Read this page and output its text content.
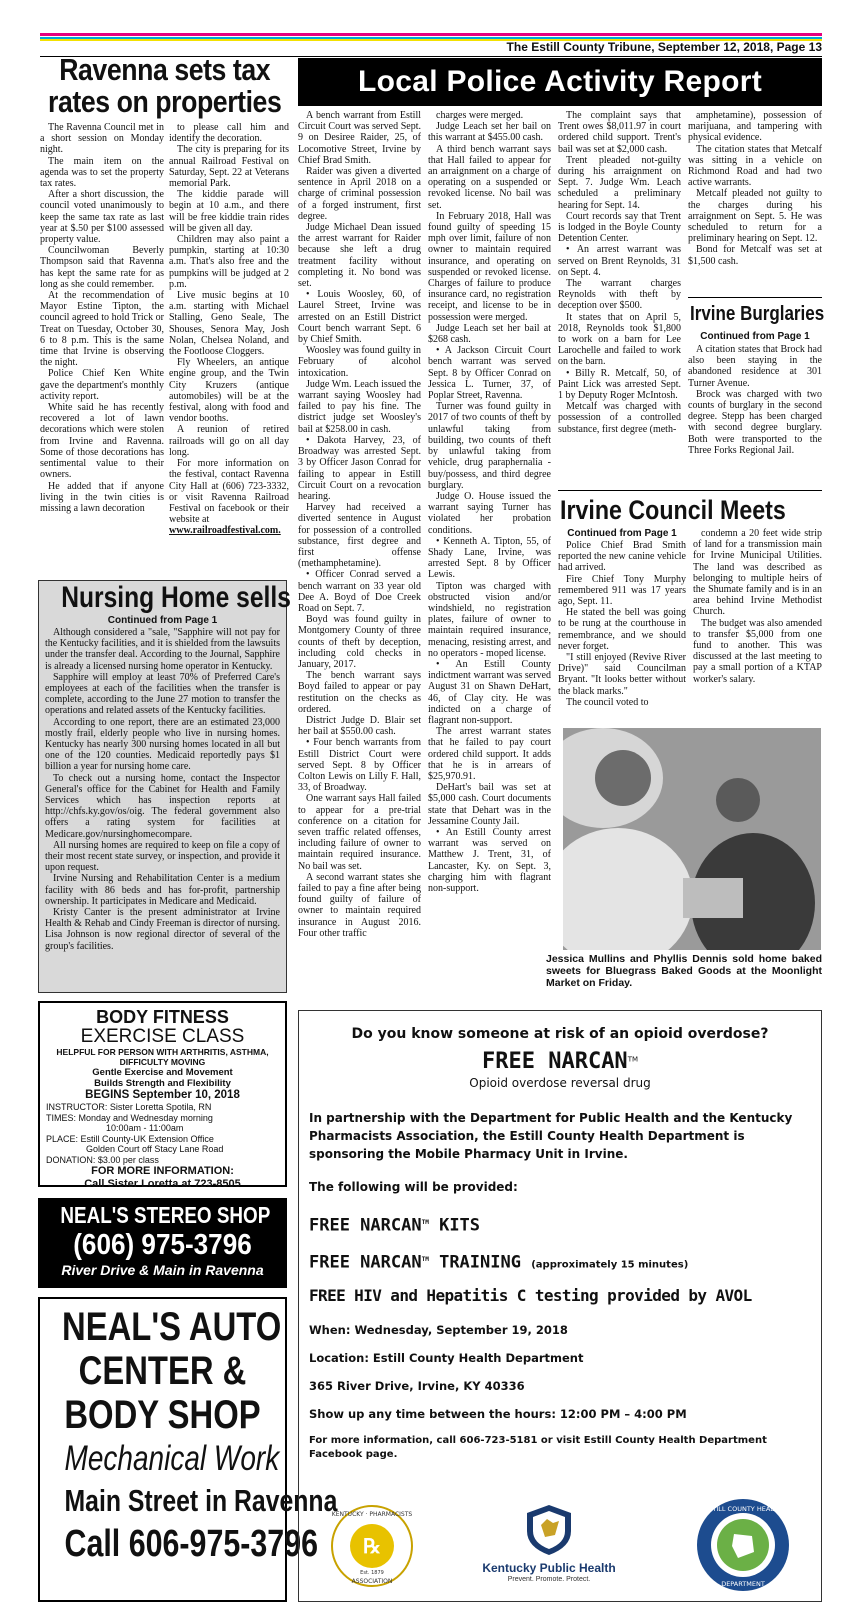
The Estill County Tribune, September 12, 2018, Page 13
Ravenna sets tax
rates on properties

The Ravenna Council met in a short session on Monday night.

The main item on the agenda was to set the property tax rates.

After a short discussion, the council voted unanimously to keep the same tax rate as last year at $.50 per $100 assessed property value.

Councilwoman Beverly Thompson said that Ravenna has kept the same rate for as long as she could remember.

At the recommendation of Mayor Estine Tipton, the council agreed to hold Trick or Treat on Tuesday, October 30, 6 to 8 p.m. This is the same time that Irvine is observing the night.

Police Chief Ken White gave the department's monthly activity report.

White said he has recently recovered a lot of lawn decorations which were stolen from Irvine and Ravenna. Some of those decorations has sentimental value to their owners.

He added that if anyone living in the twin cities is missing a lawn decoration

to please call him and identify the decoration.

The city is preparing for its annual Railroad Festival on Saturday, Sept. 22 at Veterans memorial Park.

The kiddie parade will begin at 10 a.m., and there will be free kiddie train rides will be given all day.

Children may also paint a pumpkin, starting at 10:30 a.m. That's also free and the pumpkins will be judged at 2 p.m.

Live music begins at 10 a.m. starting with Michael Stalling, Geno Seale, The Shouses, Senora May, Josh Nolan, Chelsea Noland, and the Footloose Cloggers.

Fly Wheelers, an antique engine group, and the Twin City Kruzers (antique automobiles) will be at the festival, along with food and vendor booths.

A reunion of retired railroads will go on all day long.

For more information on the festival, contact Ravenna City Hall at (606) 723-3332, or visit Ravenna Railroad Festival on facebook or their website at

www.railroadfestival.com.
Nursing Home sells
Continued from Page 1

Although considered a "sale, "Sapphire will not pay for the Kentucky facilities, and it is shielded from the lawsuits under the transfer deal. According to the Journal, Sapphire is already a licensed nursing home operator in Kentucky.

Sapphire will employ at least 70% of Preferred Care's employees at each of the facilities when the transfer is complete, according to the June 27 motion to transfer the operations and related assets of the Kentucky facilities.

According to one report, there are an estimated 23,000 mostly frail, elderly people who live in nursing homes. Kentucky has nearly 300 nursing homes located in all but one of the 120 counties. Medicaid reportedly pays $1 billion a year for nursing home care.

To check out a nursing home, contact the Inspector General's office for the Cabinet for Health and Family Services which has inspection reports at http://chfs.ky.gov/os/oig. The federal government also offers a rating system for facilities at Medicare.gov/nursinghomecompare.

All nursing homes are required to keep on file a copy of their most recent state survey, or inspection, and provide it upon request.

Irvine Nursing and Rehabilitation Center is a medium facility with 86 beds and has for-profit, partnership ownership. It participates in Medicare and Medicaid.

Kristy Canter is the present administrator at Irvine Health & Rehab and Cindy Freeman is director of nursing. Lisa Johnson is now regional director of several of the group's facilities.

BODY FITNESS
EXERCISE CLASS
HELPFUL FOR PERSON WITH ARTHRITIS, ASTHMA, DIFFICULTY MOVING
Gentle Exercise and Movement
Builds Strength and Flexibility
BEGINS September 10, 2018
INSTRUCTOR: Sister Loretta Spotila, RN
TIMES: Monday and Wednesday morning
10:00am - 11:00am
PLACE: Estill County-UK Extension Office
Golden Court off Stacy Lane Road
DONATION: $3.00 per class
FOR MORE INFORMATION:
Call Sister Loretta at 723-8505
NEAL'S STEREO SHOP
(606) 975-3796
River Drive & Main in Ravenna
NEAL'S AUTO
CENTER &
BODY SHOP
Mechanical Work
Main Street in Ravenna
Call 606-975-3796
Local Police Activity Report

A bench warrant from Estill Circuit Court was served Sept. 9 on Desiree Raider, 25, of Locomotive Street, Irvine by Chief Brad Smith.

Raider was given a diverted sentence in April 2018 on a charge of criminal possession of a forged instrument, first degree.

Judge Michael Dean issued the arrest warrant for Raider because she left a drug treatment facility without completing it. No bond was set.

• Louis Woosley, 60, of Laurel Street, Irvine was arrested on an Estill District Court bench warrant Sept. 6 by Chief Smith.

Woosley was found guilty in February of alcohol intoxication.

Judge Wm. Leach issued the warrant saying Woosley had failed to pay his fine. The district judge set Woosley's bail at $258.00 in cash.

• Dakota Harvey, 23, of Broadway was arrested Sept. 3 by Officer Jason Conrad for failing to appear in Estill Circuit Court on a revocation hearing.

Harvey had received a diverted sentence in August for possession of a controlled substance, first degree and first offense (methamphetamine).

• Officer Conrad served a bench warrant on 33 year old Dee A. Boyd of Doe Creek Road on Sept. 7.

Boyd was found guilty in Montgomery County of three counts of theft by deception, including cold checks in January, 2017.

The bench warrant says Boyd failed to appear or pay restitution on the checks as ordered.

District Judge D. Blair set her bail at $550.00 cash.

• Four bench warrants from Estill District Court were served Sept. 8 by Officer Colton Lewis on Lilly F. Hall, 33, of Broadway.

One warrant says Hall failed to appear for a pre-trial conference on a citation for seven traffic related offenses, including failure of owner to maintain required insurance. No bail was set.

A second warrant states she failed to pay a fine after being found guilty of failure of owner to maintain required insurance in August 2016. Four other traffic

charges were merged.

Judge Leach set her bail on this warrant at $455.00 cash.

A third bench warrant says that Hall failed to appear for an arraignment on a charge of operating on a suspended or revoked license. No bail was set.

In February 2018, Hall was found guilty of speeding 15 mph over limit, failure of non owner to maintain required insurance, and operating on suspended or revoked license. Charges of failure to produce insurance card, no registration receipt, and license to be in possession were merged.

Judge Leach set her bail at $268 cash.

• A Jackson Circuit Court bench warrant was served Sept. 8 by Officer Conrad on Jessica L. Turner, 37, of Poplar Street, Ravenna.

Turner was found guilty in 2017 of two counts of theft by unlawful taking from building, two counts of theft by unlawful taking from vehicle, drug paraphernalia - buy/possess, and third degree burglary.

Judge O. House issued the warrant saying Turner has violated her probation conditions.

• Kenneth A. Tipton, 55, of Shady Lane, Irvine, was arrested Sept. 8 by Officer Lewis.

Tipton was charged with obstructed vision and/or windshield, no registration plates, failure of owner to maintain required insurance, menacing, resisting arrest, and no operators - moped license.

• An Estill County indictment warrant was served August 31 on Shawn DeHart, 46, of Clay city. He was indicted on a charge of flagrant non-support.

The arrest warrant states that he failed to pay court ordered child support. It adds that he is in arrears of $25,970.91.

DeHart's bail was set at $5,000 cash. Court documents state that Dehart was in the Jessamine County Jail.

• An Estill County arrest warrant was served on Matthew J. Trent, 31, of Lancaster, Ky. on Sept. 3, charging him with flagrant non-support.

The complaint says that Trent owes $8,011.97 in court ordered child support. Trent's bail was set at $2,000 cash.

Trent pleaded not-guilty during his arraignment on Sept. 7. Judge Wm. Leach scheduled a preliminary hearing for Sept. 14.

Court records say that Trent is lodged in the Boyle County Detention Center.

• An arrest warrant was served on Brent Reynolds, 31 on Sept. 4.

The warrant charges Reynolds with theft by deception over $500.

It states that on April 5, 2018, Reynolds took $1,800 to work on a barn for Lee Larochelle and failed to work on the barn.

• Billy R. Metcalf, 50, of Paint Lick was arrested Sept. 1 by Deputy Roger McIntosh.

Metcalf was charged with possession of a controlled substance, first degree (meth-

amphetamine), possession of marijuana, and tampering with physical evidence.

The citation states that Metcalf was sitting in a vehicle on Richmond Road and had two active warrants.

Metcalf pleaded not guilty to the charges during his arraignment on Sept. 5. He was scheduled to return for a preliminary hearing on Sept. 12.

Bond for Metcalf was set at $1,500 cash.

Irvine Burglaries
Continued from Page 1

A citation states that Brock had also been staying in the abandoned residence at 301 Turner Avenue.

Brock was charged with two counts of burglary in the second degree. Stepp has been charged with second degree burglary. Both were transported to the Three Forks Regional Jail.

Irvine Council Meets
Continued from Page 1

Police Chief Brad Smith reported the new canine vehicle had arrived.

Fire Chief Tony Murphy remembered 911 was 17 years ago, Sept. 11.

He stated the bell was going to be rung at the courthouse in remembrance, and we should never forget.

"I still enjoyed (Revive River Drive)" said Councilman Bryant. "It looks better without the black marks."

The council voted to

condemn a 20 feet wide strip of land for a transmission main for Irvine Municipal Utilities. The land was described as belonging to multiple heirs of the Shumate family and is in an area behind Irvine Methodist Church.

The budget was also amended to transfer $5,000 from one fund to another. This was discussed at the last meeting to pay a small portion of a KTAP worker's salary.

Jessica Mullins and Phyllis Dennis sold home baked sweets for Bluegrass Baked Goods at the Moonlight Market on Friday.
Do you know someone at risk of an opioid overdose?
FREE NARCAN™
Opioid overdose reversal drug
In partnership with the Department for Public Health and the Kentucky Pharmacists Association, the Estill County Health Department is sponsoring the Mobile Pharmacy Unit in Irvine.
The following will be provided:
FREE NARCAN™ KITS
FREE NARCAN™ TRAINING (approximately 15 minutes)
FREE HIV and Hepatitis C testing provided by AVOL
When: Wednesday, September 19, 2018
Location: Estill County Health Department
365 River Drive, Irvine, KY 40336
Show up any time between the hours: 12:00 PM – 4:00 PM
For more information, call 606-723-5181 or visit Estill County Health Department Facebook page.
℞
KENTUCKY · PHARMACISTS
ASSOCIATION
Est. 1879	Kentucky Public Health
Prevent. Promote. Protect.
ESTILL COUNTY HEALTH
DEPARTMENT
